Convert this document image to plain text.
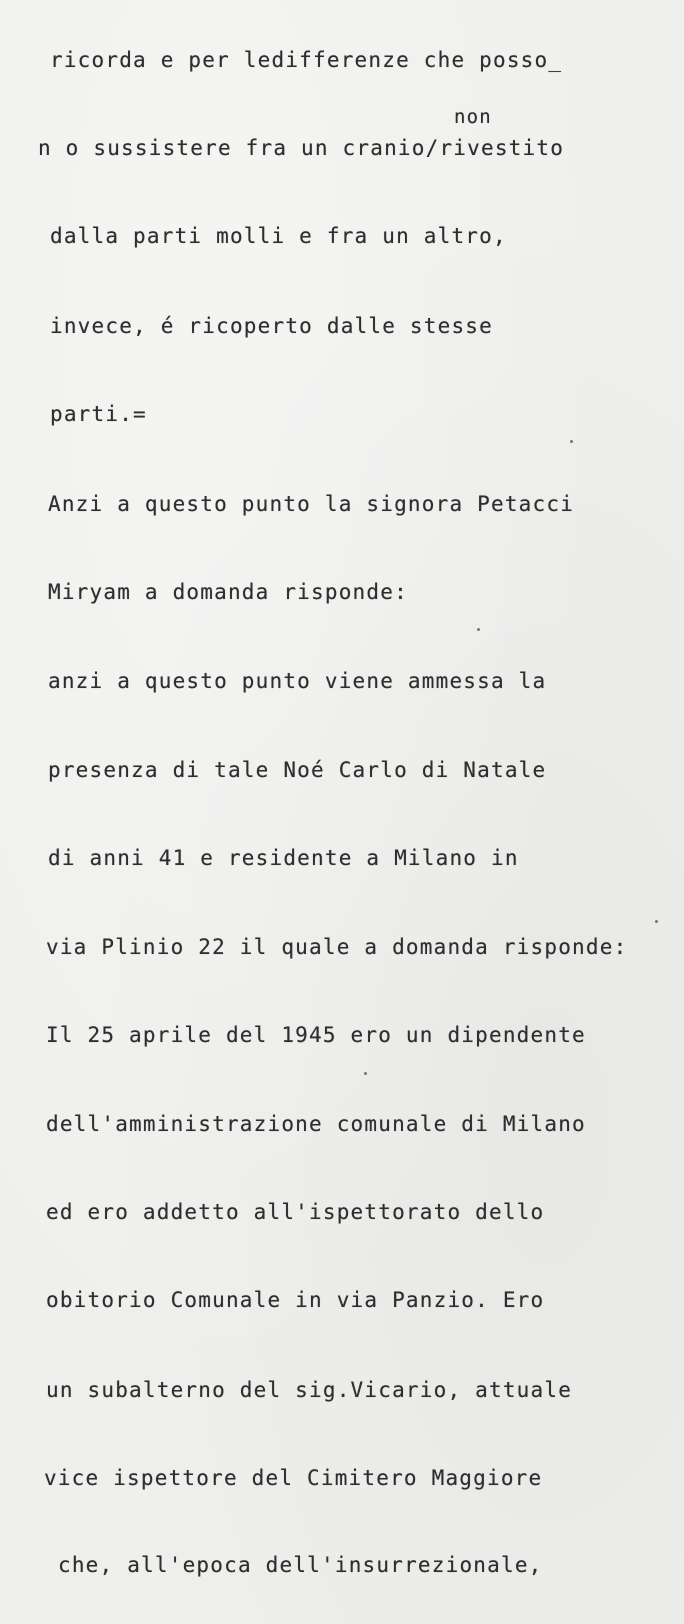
ricorda e per ledifferenze che posso_
non
n o sussistere fra un cranio/rivestito
dalla parti molli e fra un altro,
invece, é ricoperto dalle stesse
parti.=
Anzi a questo punto la signora Petacci
Miryam a domanda risponde:
anzi a questo punto viene ammessa la
presenza di tale Noé Carlo di Natale
di anni 41 e residente a Milano in
via Plinio 22 il quale a domanda risponde:
Il 25 aprile del 1945 ero un dipendente
dell'amministrazione comunale di Milano
ed ero addetto all'ispettorato dello
obitorio Comunale in via Panzio. Ero
un subalterno del sig.Vicario, attuale
vice ispettore del Cimitero Maggiore
che, all'epoca dell'insurrezionale,
